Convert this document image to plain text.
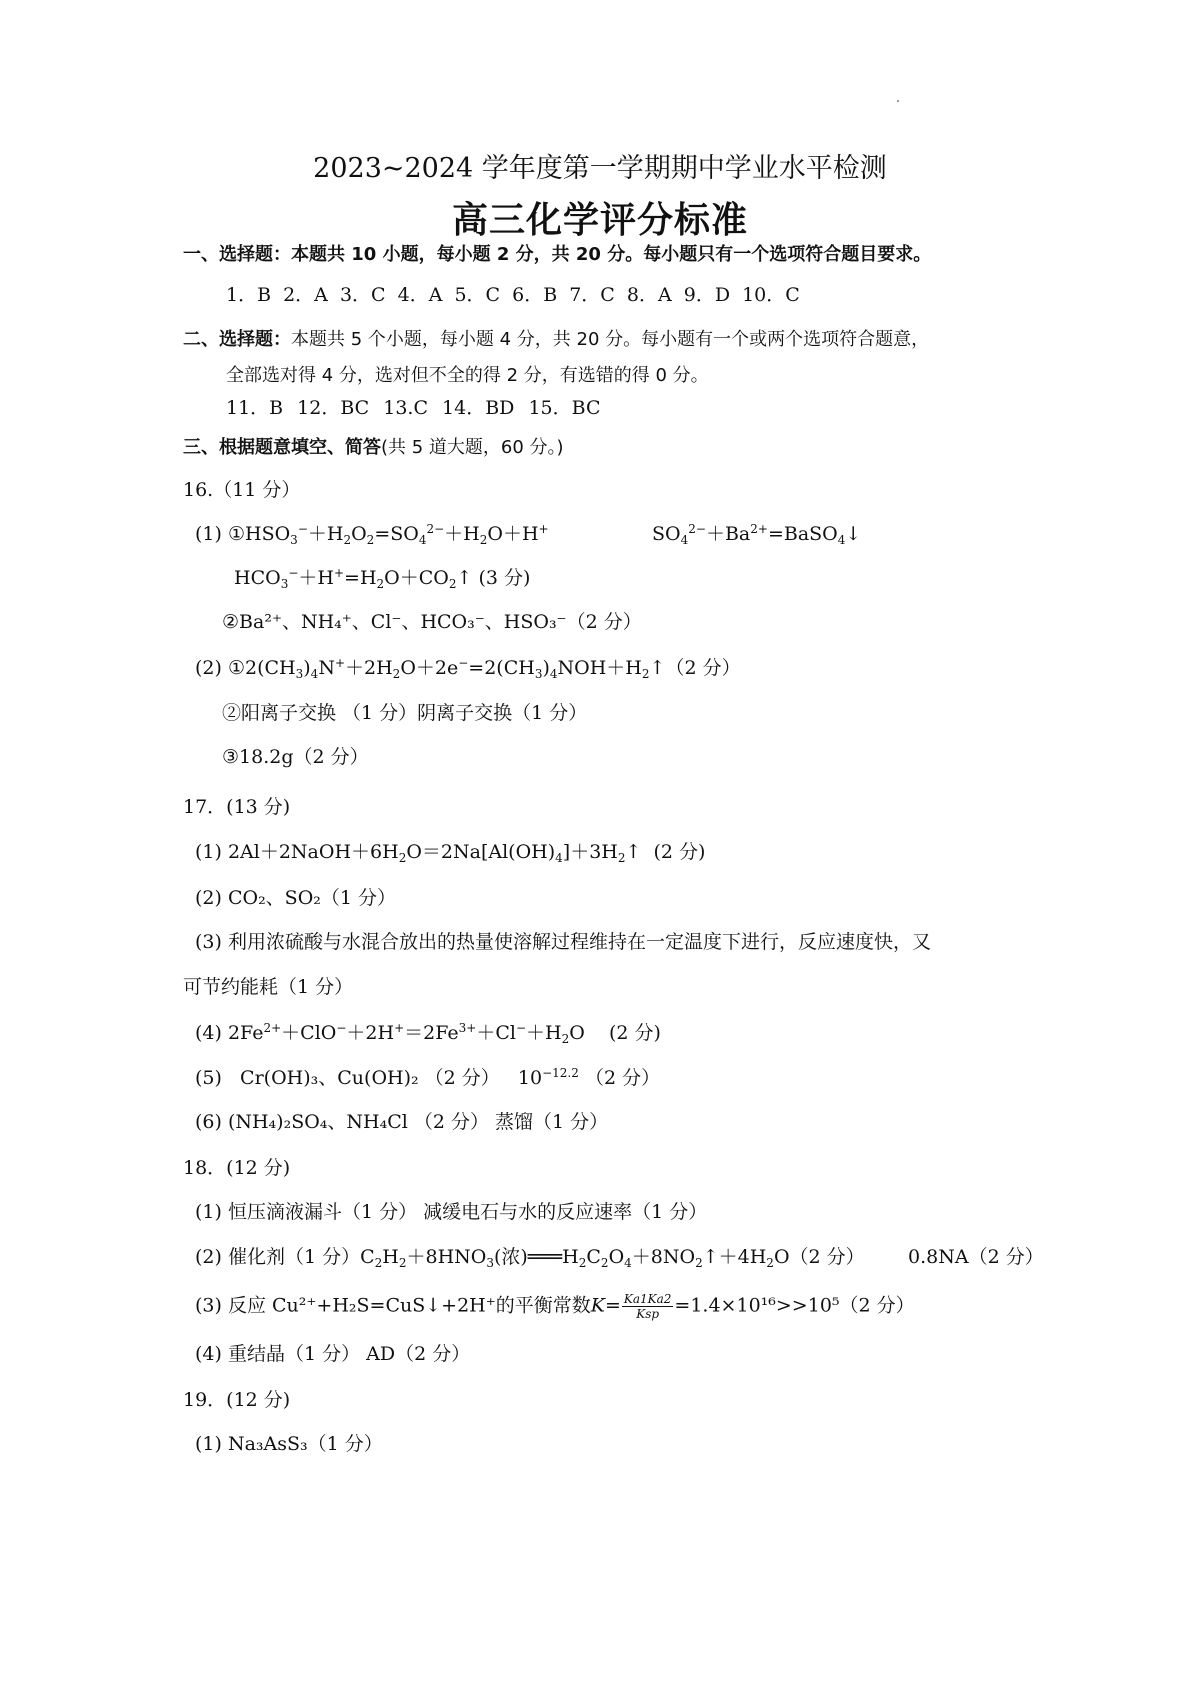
2023~2024 学年度第一学期期中学业水平检测
高三化学评分标准
一、选择题：本题共 10 小题，每小题 2 分，共 20 分。每小题只有一个选项符合题目要求。
1．B 2．A 3．C 4．A 5．C 6．B 7．C 8．A 9．D 10．C
二、选择题：本题共 5 个小题，每小题 4 分，共 20 分。每小题有一个或两个选项符合题意，
全部选对得 4 分，选对但不全的得 2 分，有选错的得 0 分。
11．B 12．BC 13.C 14．BD 15．BC
三、根据题意填空、简答(共 5 道大题，60 分。)
16.（11 分）
(1) $①HSO_3^-+H_2O_2=SO_4^{2-}+H_2O+H^+$	$SO_4^{2-}+Ba^{2+}=BaSO_4↓$
$HCO_3^-+H^+=H_2O+CO_2↑$ (3 分)
②Ba²⁺、NH₄⁺、Cl⁻、HCO₃⁻、HSO₃⁻（2 分）
(2) $①2(CH_3)_4N^++2H_2O+2e^-=2(CH_3)_4NOH+H_2↑(2$ 分）
②阳离子交换 （1 分）阴离子交换（1 分）
③18.2g（2 分）
17．(13 分)
(1) $2Al+2NaOH+6H_2O=2Na[Al(OH)_4]+3H_2↑$  (2 分)
(2) CO₂、SO₂（1 分）
(3) 利用浓硫酸与水混合放出的热量使溶解过程维持在一定温度下进行，反应速度快，又
可节约能耗（1 分）
(4) $2Fe^{2+}+ClO^-+2H^+=2Fe^{3+}+Cl^-+H_2O$    (2 分)
(5) Cr(OH)₃、Cu(OH)₂ （2 分） $10^{-12.2}$ （2 分）
(6) (NH₄)₂SO₄、NH₄Cl （2 分） 蒸馏（1 分）
18．(12 分)
(1) 恒压滴液漏斗（1 分） 减缓电石与水的反应速率（1 分）
(2) 催化剂（1 分）$C_2H_2+8HNO_3$(浓)$═══H_2C_2O_4+8NO_2↑+4H_2O(2$ 分） 0.8NA（2 分）
(3) 反应 Cu²⁺+H₂S=CuS↓+2H⁺的平衡常数$K= \frac{Ka1Ka2}{\text{Ksp}} =1.4\times 10^{16}>>10^5(2$ 分）
(4) 重结晶（1 分） AD（2 分）
19．(12 分)
(1) Na₃AsS₃（1 分）
